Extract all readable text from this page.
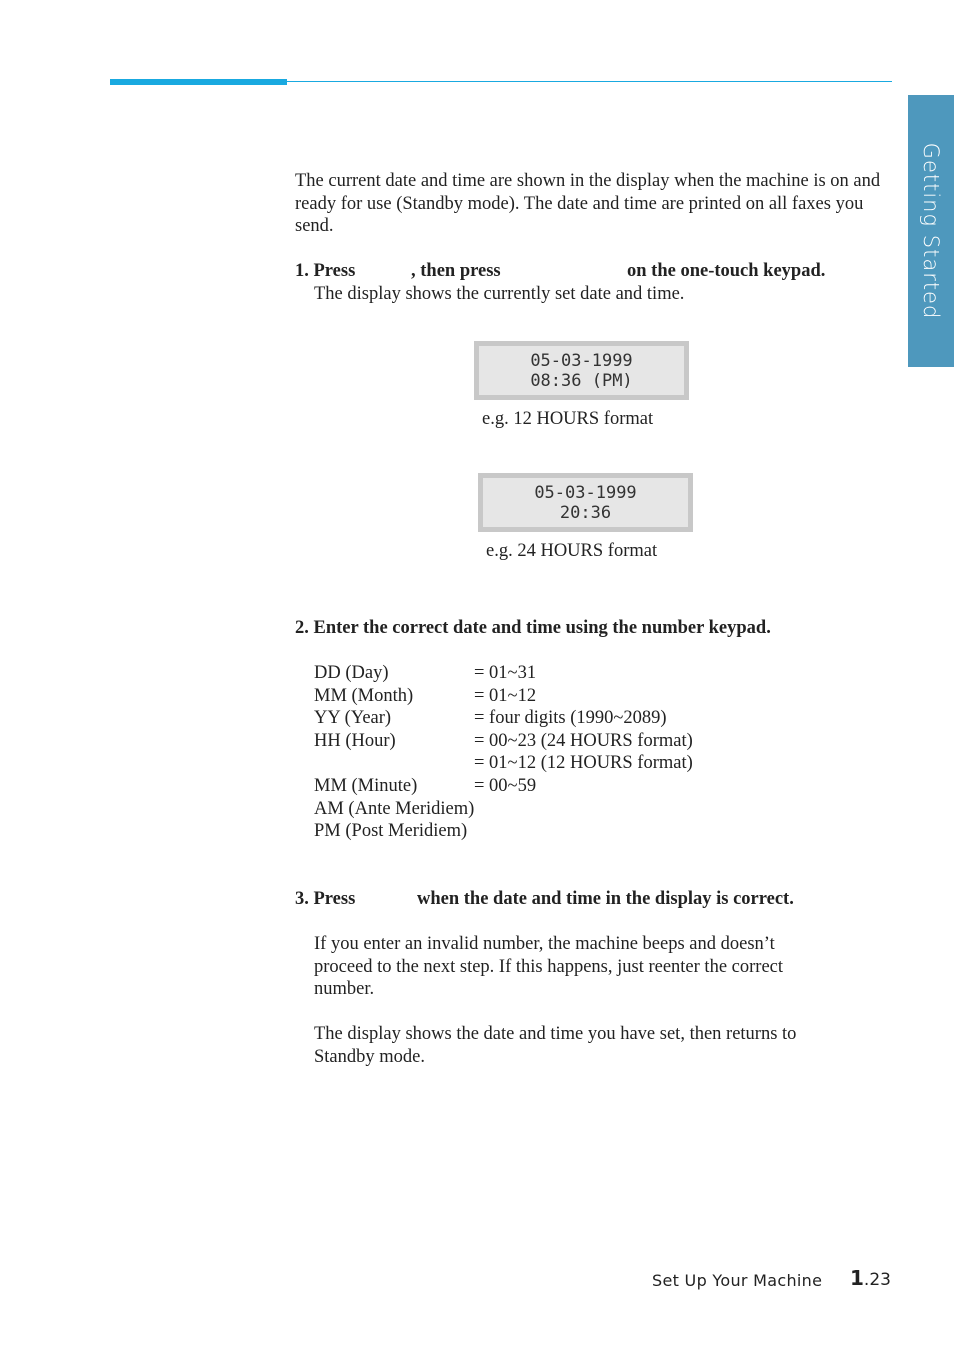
Getting Started
The current date and time are shown in the display when the machine is on and ready for use (Standby mode). The date and time are printed on all faxes you send.
1. Press	, then press	on the one-touch keypad.
The display shows the currently set date and time.
05-03-1999
08:36 (PM)
e.g. 12 HOURS format
05-03-1999
20:36
e.g. 24 HOURS format
2. Enter the correct date and time using the number keypad.
DD (Day)	= 01~31
MM (Month)	= 01~12
YY (Year)	= four digits (1990~2089)
HH (Hour)	= 00~23 (24 HOURS format)
= 01~12 (12 HOURS format)
MM (Minute)	= 00~59
AM (Ante Meridiem)
PM (Post Meridiem)
3. Press	when the date and time in the display is correct.
If you enter an invalid number, the machine beeps and doesn’t
proceed to the next step. If this happens, just reenter the correct
number.
The display shows the date and time you have set, then returns to
Standby mode.
Set Up Your Machine 1.23
